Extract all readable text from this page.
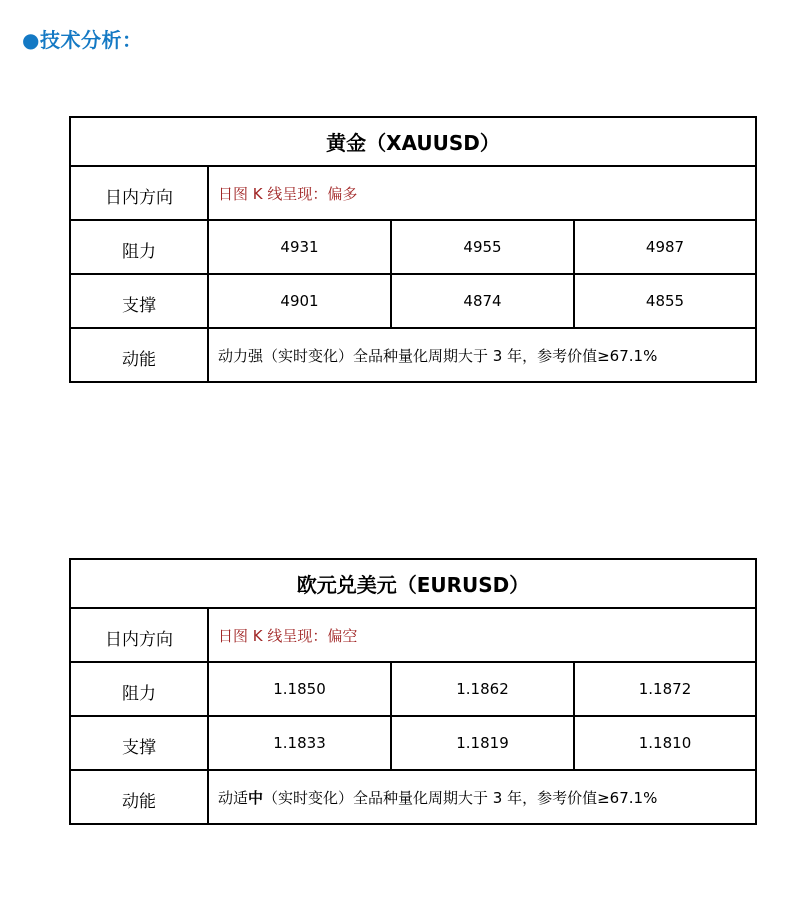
●技术分析：
黄金（XAUUSD）			
日内方向	日图 K 线呈现：偏多		
阻力	4931	4955	4987
支撑	4901	4874	4855
动能	动力强（实时变化）全品种量化周期大于 3 年，参考价值≥67.1%		
欧元兑美元（EURUSD）			
日内方向	日图 K 线呈现：偏空		
阻力	1.1850	1.1862	1.1872
支撑	1.1833	1.1819	1.1810
动能	动适中（实时变化）全品种量化周期大于 3 年，参考价值≥67.1%		
